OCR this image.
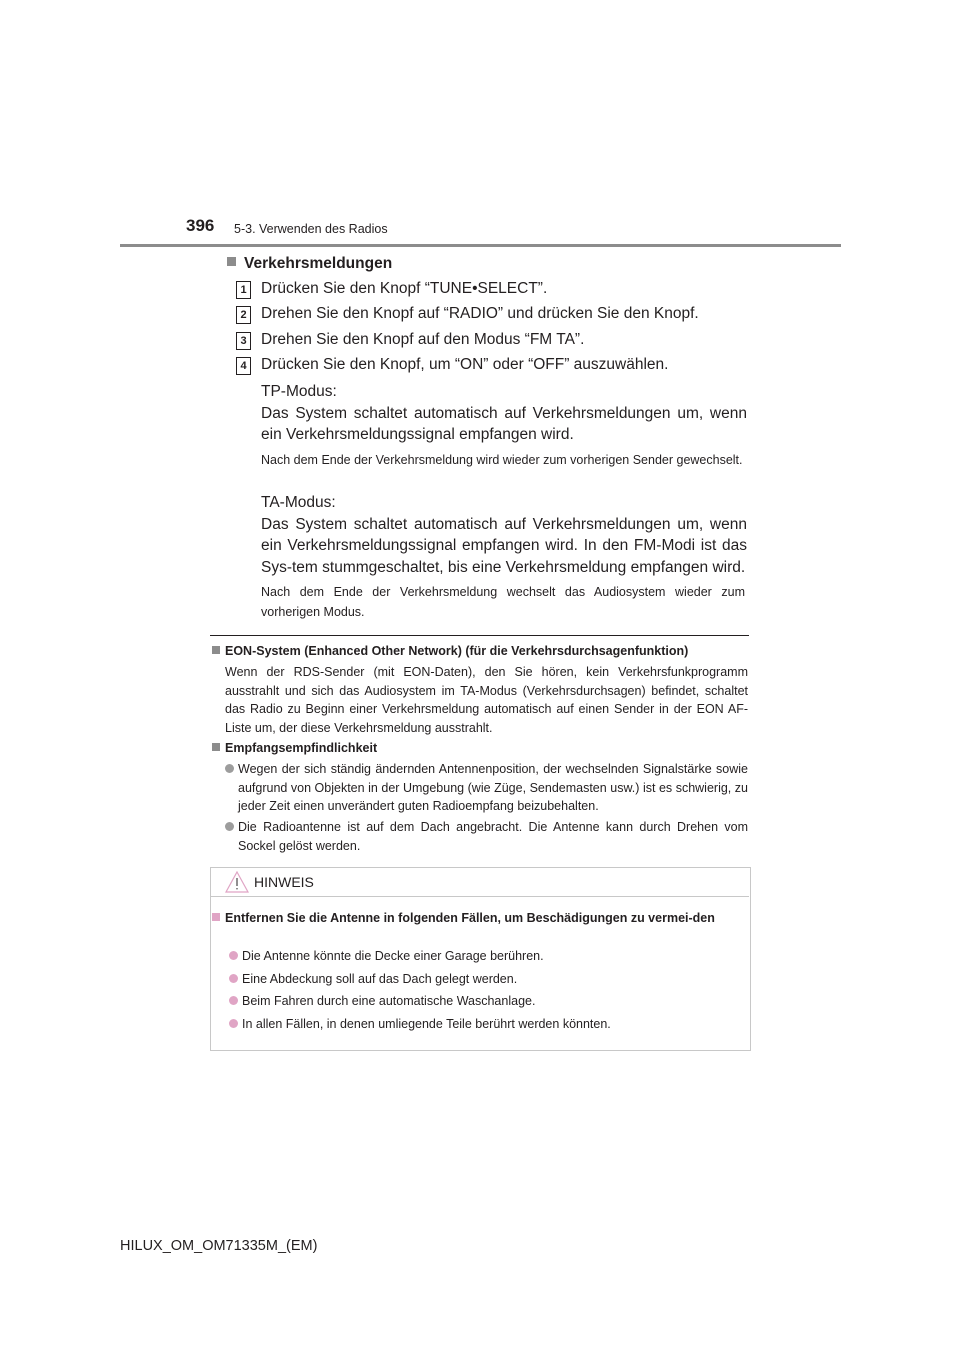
396 5-3. Verwenden des Radios
Verkehrsmeldungen
1 Drücken Sie den Knopf “TUNE•SELECT”.
2 Drehen Sie den Knopf auf “RADIO” und drücken Sie den Knopf.
3 Drehen Sie den Knopf auf den Modus “FM TA”.
4 Drücken Sie den Knopf, um “ON” oder “OFF” auszuwählen.
TP-Modus:
Das System schaltet automatisch auf Verkehrsmeldungen um, wenn ein Verkehrsmeldungssignal empfangen wird.
Nach dem Ende der Verkehrsmeldung wird wieder zum vorherigen Sender gewechselt.
TA-Modus:
Das System schaltet automatisch auf Verkehrsmeldungen um, wenn ein Verkehrsmeldungssignal empfangen wird. In den FM-Modi ist das Sys-tem stummgeschaltet, bis eine Verkehrsmeldung empfangen wird.
Nach dem Ende der Verkehrsmeldung wechselt das Audiosystem wieder zum vorherigen Modus.
EON-System (Enhanced Other Network) (für die Verkehrsdurchsagenfunktion)
Wenn der RDS-Sender (mit EON-Daten), den Sie hören, kein Verkehrsfunkprogramm ausstrahlt und sich das Audiosystem im TA-Modus (Verkehrsdurchsagen) befindet, schaltet das Radio zu Beginn einer Verkehrsmeldung automatisch auf einen Sender in der EON AF-Liste um, der diese Verkehrsmeldung ausstrahlt.
Empfangsempfindlichkeit
Wegen der sich ständig ändernden Antennenposition, der wechselnden Signalstärke sowie aufgrund von Objekten in der Umgebung (wie Züge, Sendemasten usw.) ist es schwierig, zu jeder Zeit einen unverändert guten Radioempfang beizubehalten.
Die Radioantenne ist auf dem Dach angebracht. Die Antenne kann durch Drehen vom Sockel gelöst werden.
HINWEIS
Entfernen Sie die Antenne in folgenden Fällen, um Beschädigungen zu vermei-den
Die Antenne könnte die Decke einer Garage berühren.
Eine Abdeckung soll auf das Dach gelegt werden.
Beim Fahren durch eine automatische Waschanlage.
In allen Fällen, in denen umliegende Teile berührt werden könnten.
HILUX_OM_OM71335M_(EM)
